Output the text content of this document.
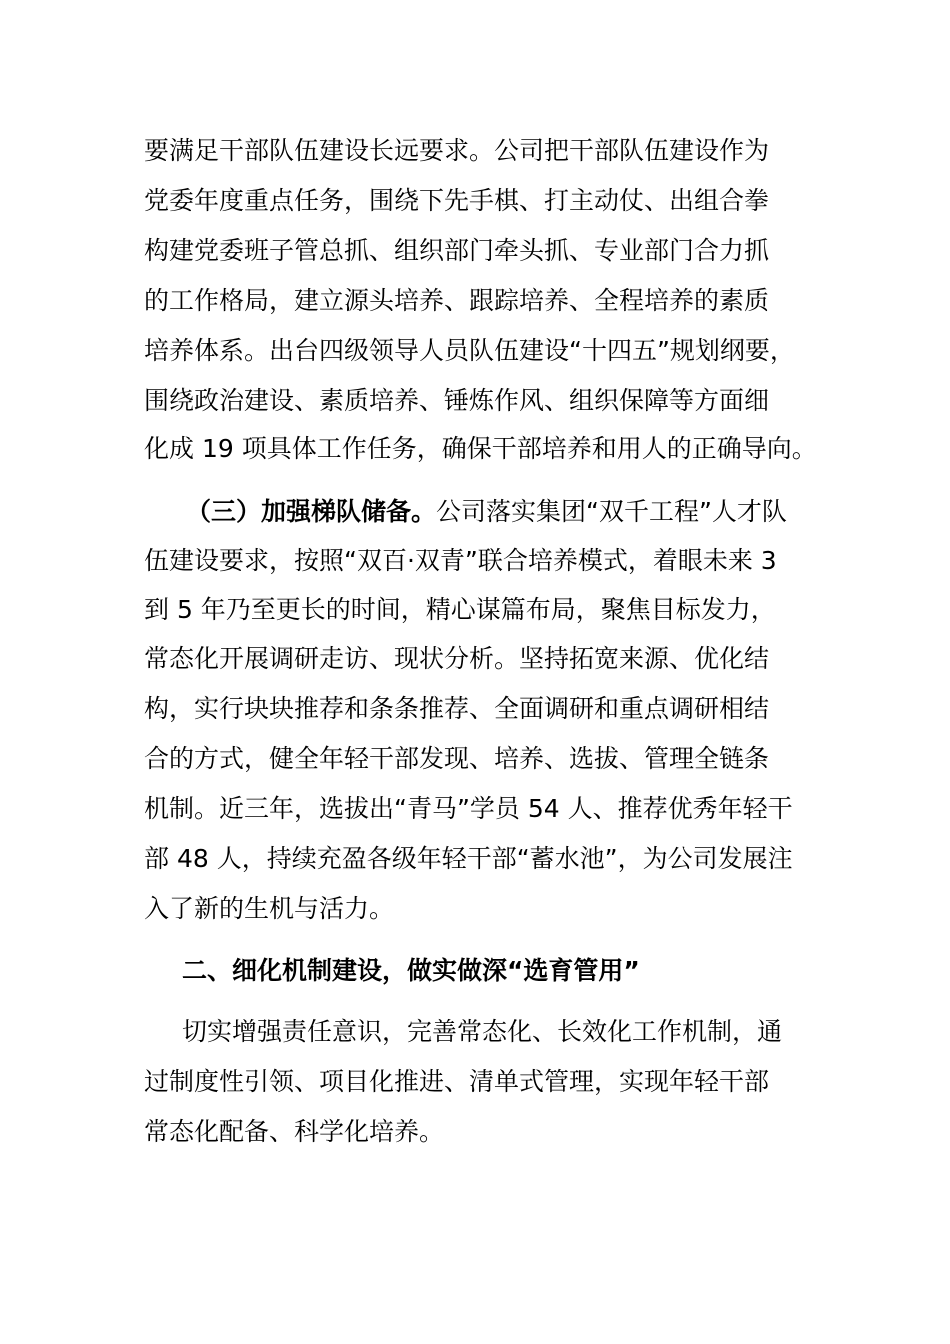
要满足干部队伍建设长远要求。公司把干部队伍建设作为
党委年度重点任务，围绕下先手棋、打主动仗、出组合拳
构建党委班子管总抓、组织部门牵头抓、专业部门合力抓
的工作格局，建立源头培养、跟踪培养、全程培养的素质
培养体系。出台四级领导人员队伍建设“十四五”规划纲要，
围绕政治建设、素质培养、锤炼作风、组织保障等方面细
化成 19 项具体工作任务，确保干部培养和用人的正确导向。
（三）加强梯队储备。公司落实集团“双千工程”人才队
伍建设要求，按照“双百·双青”联合培养模式，着眼未来 3
到 5 年乃至更长的时间，精心谋篇布局，聚焦目标发力，
常态化开展调研走访、现状分析。坚持拓宽来源、优化结
构，实行块块推荐和条条推荐、全面调研和重点调研相结
合的方式，健全年轻干部发现、培养、选拔、管理全链条
机制。近三年，选拔出“青马”学员 54 人、推荐优秀年轻干
部 48 人，持续充盈各级年轻干部“蓄水池”，为公司发展注
入了新的生机与活力。
二、细化机制建设，做实做深“选育管用”
切实增强责任意识，完善常态化、长效化工作机制，通
过制度性引领、项目化推进、清单式管理，实现年轻干部
常态化配备、科学化培养。
